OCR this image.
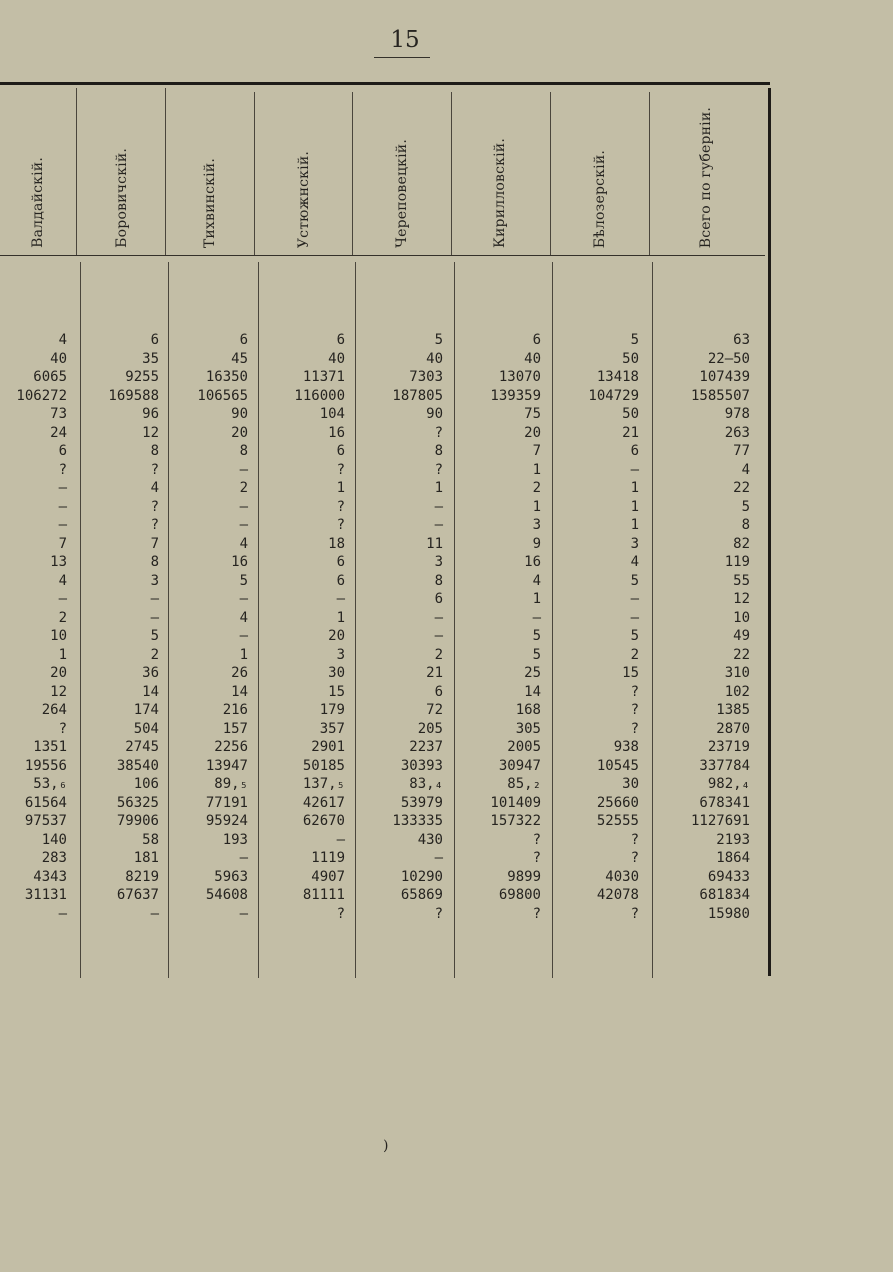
15
Валдайскій.	Боровичскій.	Тихвинскій.	Устюжнскій.	Череповецкій.	Кирилловскій.	Бѣлозерскій.	Всего по губерніи.
4	6	6	6	5	6	5	63
40	35	45	40	40	40	50	22—50
6065	9255	16350	11371	7303	13070	13418	107439
106272	169588	106565	116000	187805	139359	104729	1585507
73	96	90	104	90	75	50	978
24	12	20	16	?	20	21	263
6	8	8	6	8	7	6	77
?	?	—	?	?	1	—	4
—	4	2	1	1	2	1	22
—	?	—	?	—	1	1	5
—	?	—	?	—	3	1	8
7	7	4	18	11	9	3	82
13	8	16	6	3	16	4	119
4	3	5	6	8	4	5	55
—	—	—	—	6	1	—	12
2	—	4	1	—	—	—	10
10	5	—	20	—	5	5	49
1	2	1	3	2	5	2	22
20	36	26	30	21	25	15	310
12	14	14	15	6	14	?	102
264	174	216	179	72	168	?	1385
?	504	157	357	205	305	?	2870
1351	2745	2256	2901	2237	2005	938	23719
19556	38540	13947	50185	30393	30947	10545	337784
53,₆	106	89,₅	137,₅	83,₄	85,₂	30	982,₄
61564	56325	77191	42617	53979	101409	25660	678341
97537	79906	95924	62670	133335	157322	52555	1127691
140	58	193	—	430	?	?	2193
283	181	—	1119	—	?	?	1864
4343	8219	5963	4907	10290	9899	4030	69433
31131	67637	54608	81111	65869	69800	42078	681834
—	—	—	?	?	?	?	15980
)
